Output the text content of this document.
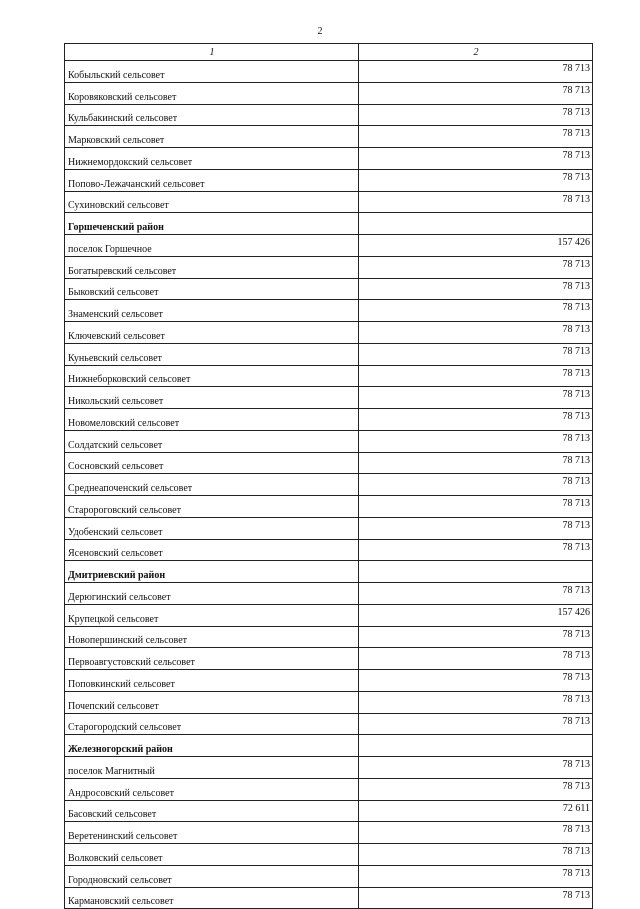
2
1	2
Кобыльский сельсовет	78 713
Коровяковский сельсовет	78 713
Кульбакинский сельсовет	78 713
Марковский сельсовет	78 713
Нижнемордокский сельсовет	78 713
Попово-Лежачанский сельсовет	78 713
Сухиновский сельсовет	78 713
Горшеченский район	
поселок Горшечное	157 426
Богатыревский сельсовет	78 713
Быковский сельсовет	78 713
Знаменский сельсовет	78 713
Ключевский сельсовет	78 713
Куньевский сельсовет	78 713
Нижнеборковский сельсовет	78 713
Никольский сельсовет	78 713
Новомеловский сельсовет	78 713
Солдатский сельсовет	78 713
Сосновский сельсовет	78 713
Среднеапоченский сельсовет	78 713
Старороговский сельсовет	78 713
Удобенский сельсовет	78 713
Ясеновский сельсовет	78 713
Дмитриевский район	
Дерюгинский сельсовет	78 713
Крупецкой сельсовет	157 426
Новопершинский сельсовет	78 713
Первоавгустовский сельсовет	78 713
Поповкинский сельсовет	78 713
Почепский сельсовет	78 713
Старогородский сельсовет	78 713
Железногорский район	
поселок Магнитный	78 713
Андросовский сельсовет	78 713
Басовский сельсовет	72 611
Веретенинский сельсовет	78 713
Волковский сельсовет	78 713
Городновский сельсовет	78 713
Кармановский сельсовет	78 713
